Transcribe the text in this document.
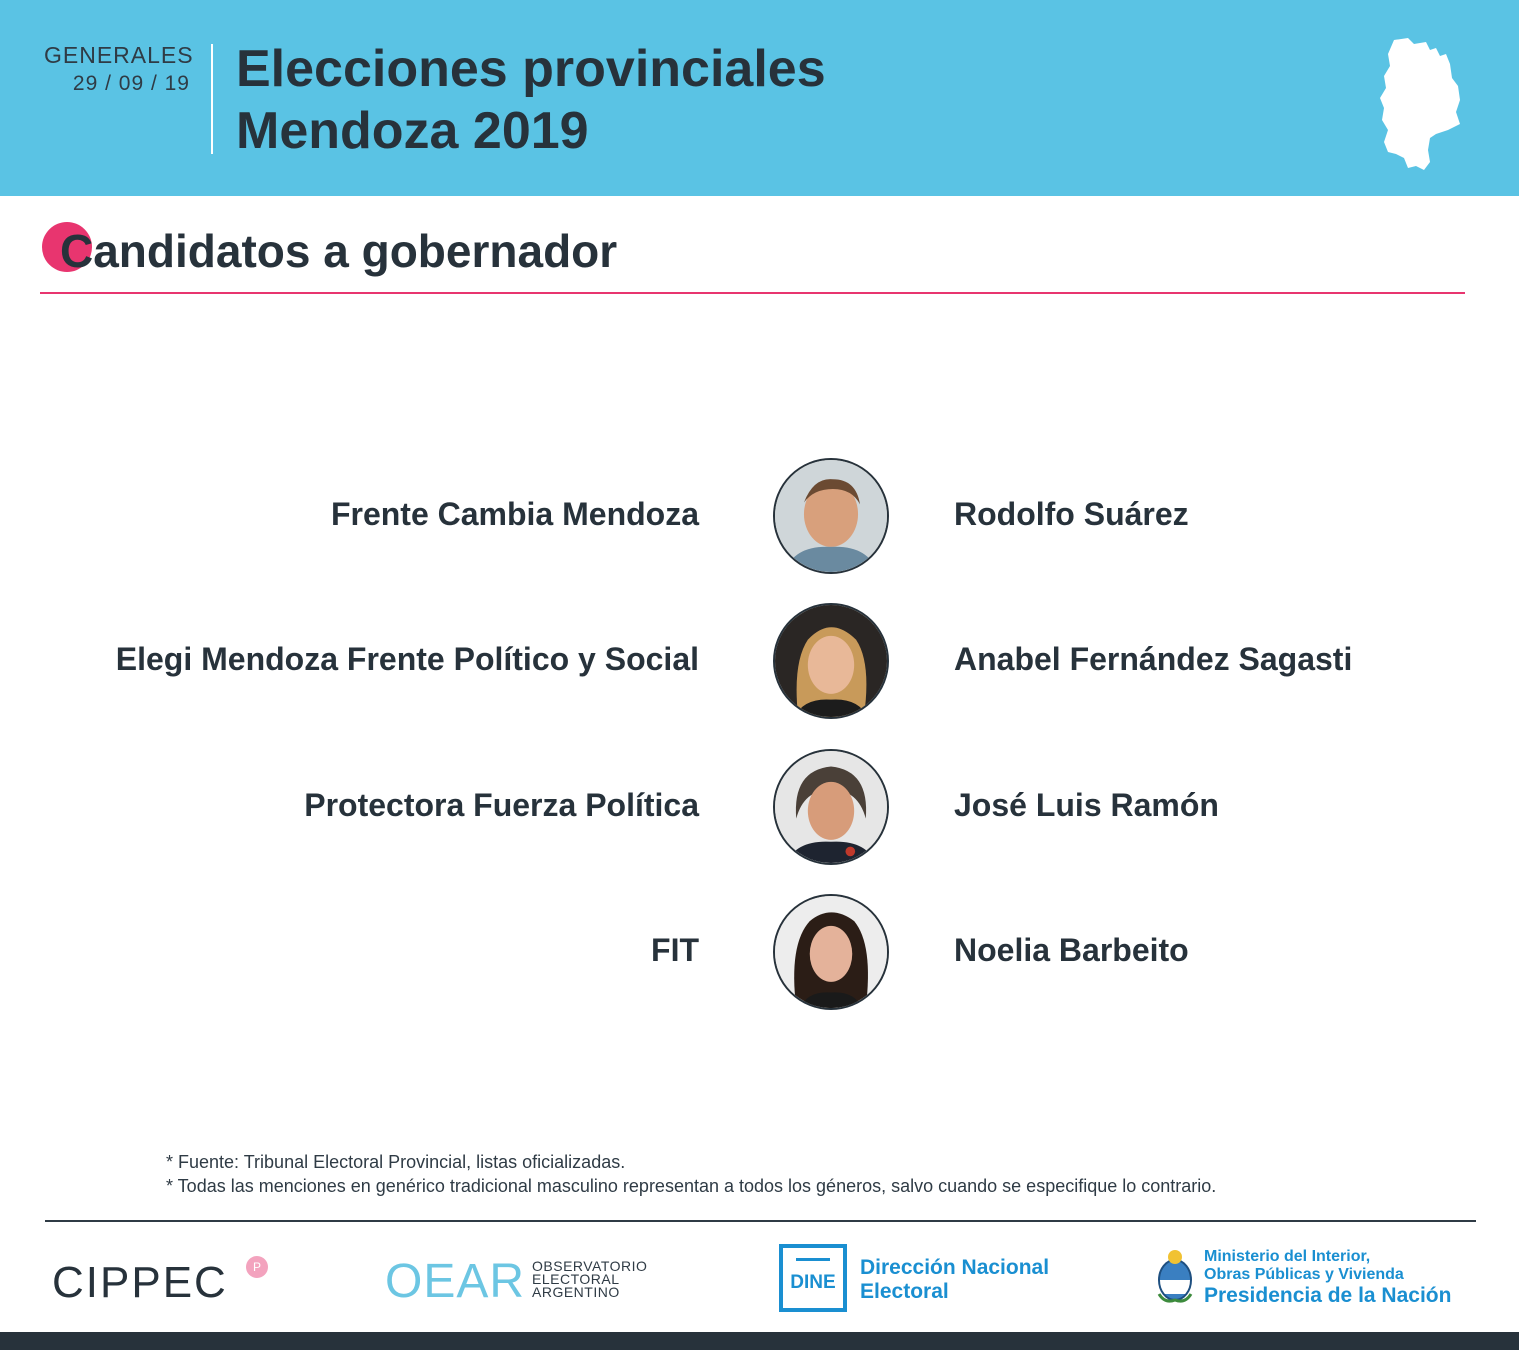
GENERALES
29 / 09 / 19 Elecciones provinciales
Mendoza 2019
Candidatos a gobernador
Frente Cambia Mendoza	Rodolfo Suárez
Elegi Mendoza Frente Político y Social	Anabel Fernández Sagasti
Protectora Fuerza Política	José Luis Ramón
FIT	Noelia Barbeito
* Fuente: Tribunal Electoral Provincial, listas oficializadas.
* Todas las menciones en genérico tradicional masculino representan a todos los géneros, salvo cuando se especifique lo contrario.
CIPPEC	P	OEAR OBSERVATORIO
ELECTORAL
ARGENTINO	DINE
Dirección Nacional
Electoral
Ministerio del Interior,
Obras Públicas y Vivienda
Presidencia de la Nación
